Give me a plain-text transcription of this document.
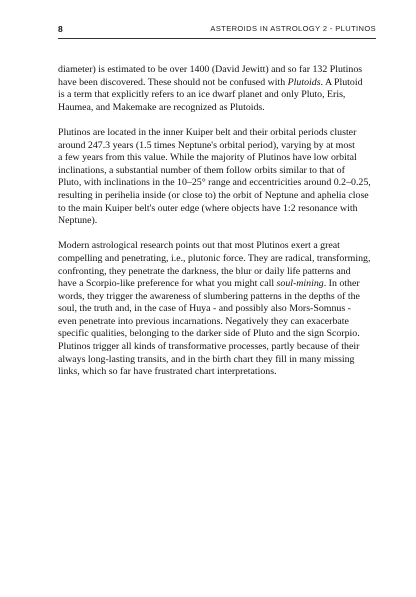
8	ASTEROIDS IN ASTROLOGY 2 - PLUTINOS

diameter) is estimated to be over 1400 (David Jewitt) and so far 132 Plutinos
have been discovered. These should not be confused with Plutoids. A Plutoid
is a term that explicitly refers to an ice dwarf planet and only Pluto, Eris,
Haumea, and Makemake are recognized as Plutoids.

Plutinos are located in the inner Kuiper belt and their orbital periods cluster
around 247.3 years (1.5 times Neptune's orbital period), varying by at most
a few years from this value. While the majority of Plutinos have low orbital
inclinations, a substantial number of them follow orbits similar to that of
Pluto, with inclinations in the 10–25° range and eccentricities around 0.2–0.25,
resulting in perihelia inside (or close to) the orbit of Neptune and aphelia close
to the main Kuiper belt's outer edge (where objects have 1:2 resonance with
Neptune).

Modern astrological research points out that most Plutinos exert a great
compelling and penetrating, i.e., plutonic force. They are radical, transforming,
confronting, they penetrate the darkness, the blur or daily life patterns and
have a Scorpio-like preference for what you might call soul-mining. In other
words, they trigger the awareness of slumbering patterns in the depths of the
soul, the truth and, in the case of Huya - and possibly also Mors-Somnus -
even penetrate into previous incarnations. Negatively they can exacerbate
specific qualities, belonging to the darker side of Pluto and the sign Scorpio.
Plutinos trigger all kinds of transformative processes, partly because of their
always long-lasting transits, and in the birth chart they fill in many missing
links, which so far have frustrated chart interpretations.
